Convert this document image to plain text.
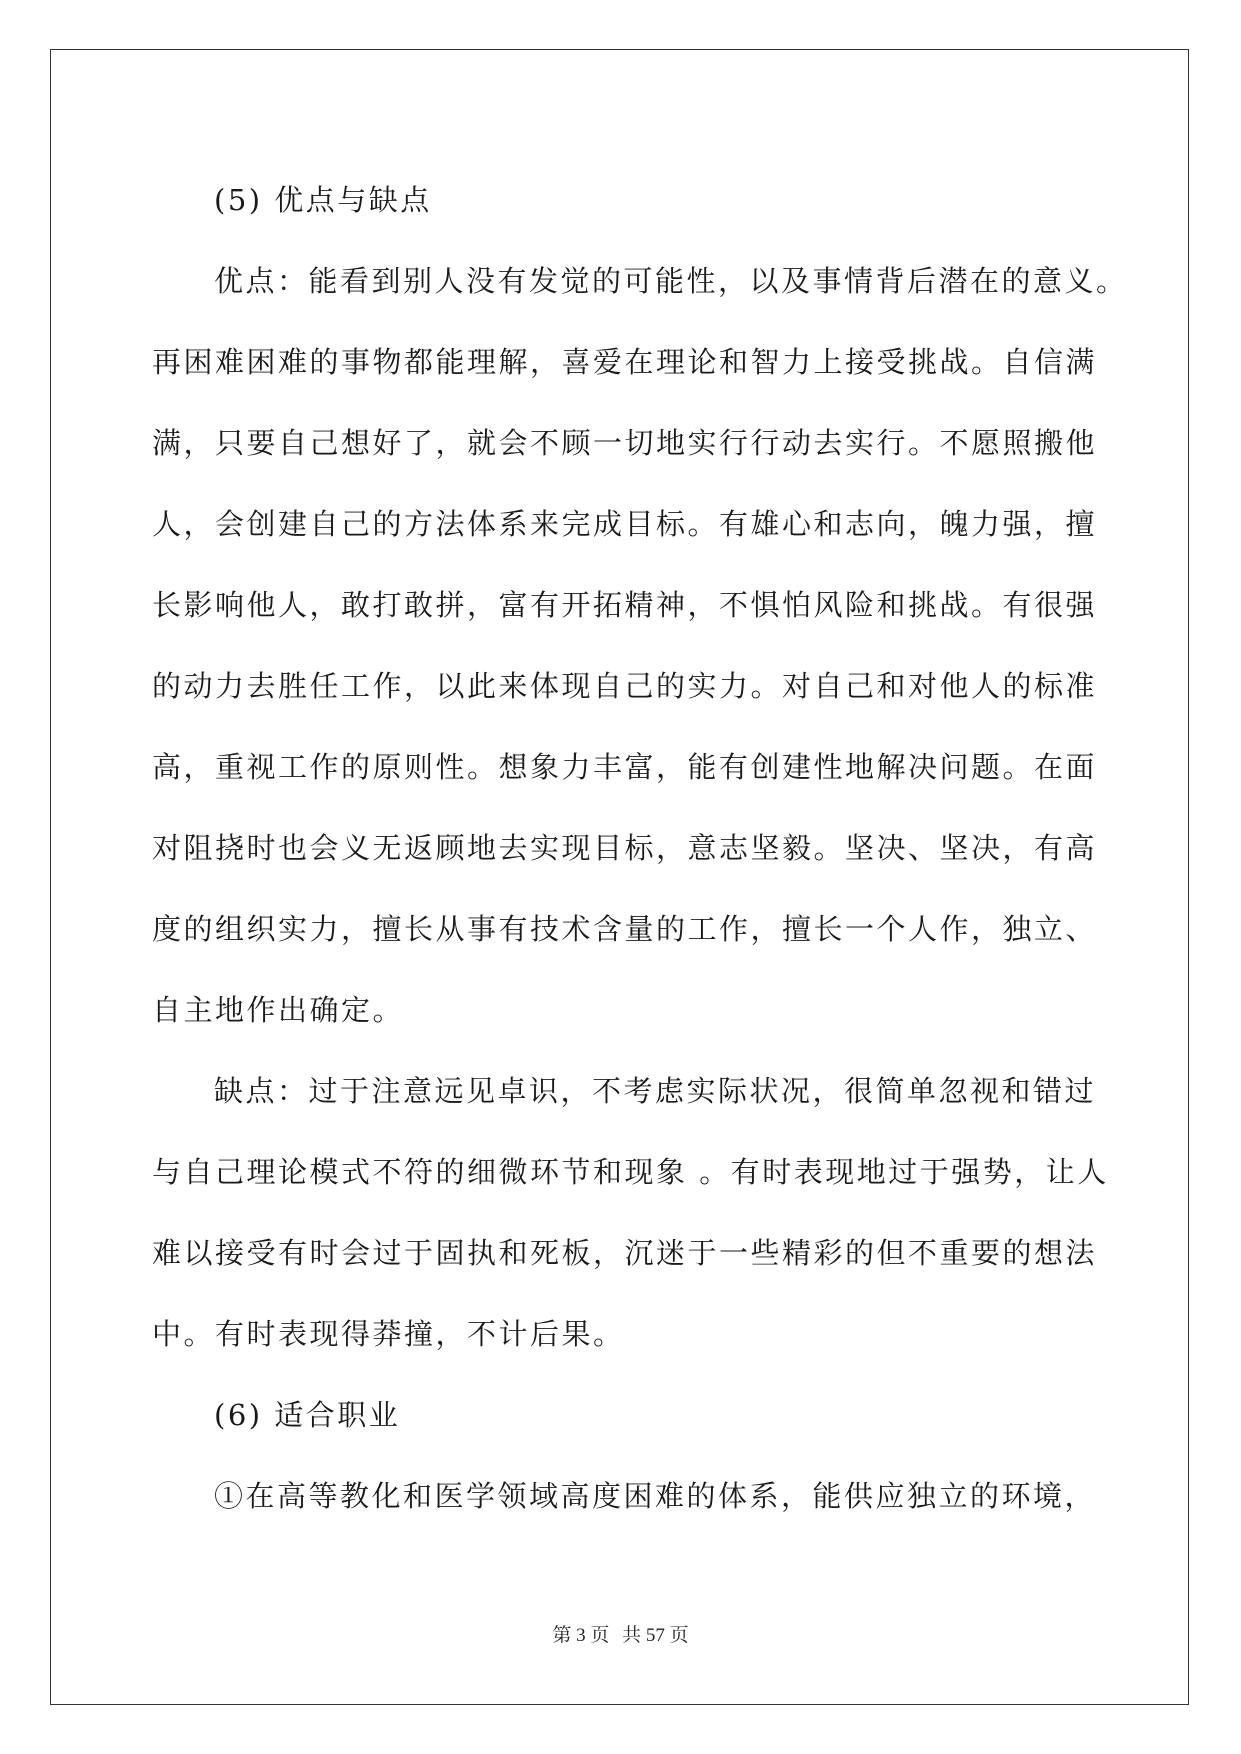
(5) 优点与缺点
优点：能看到别人没有发觉的可能性，以及事情背后潜在的意义。
再困难困难的事物都能理解，喜爱在理论和智力上接受挑战。自信满
满，只要自己想好了，就会不顾一切地实行行动去实行。不愿照搬他
人，会创建自己的方法体系来完成目标。有雄心和志向，魄力强，擅
长影响他人，敢打敢拼，富有开拓精神，不惧怕风险和挑战。有很强
的动力去胜任工作，以此来体现自己的实力。对自己和对他人的标准
高，重视工作的原则性。想象力丰富，能有创建性地解决问题。在面
对阻挠时也会义无返顾地去实现目标，意志坚毅。坚决、坚决，有高
度的组织实力，擅长从事有技术含量的工作，擅长一个人作，独立、
自主地作出确定。
缺点：过于注意远见卓识，不考虑实际状况，很简单忽视和错过
与自己理论模式不符的细微环节和现象 。有时表现地过于强势，让人
难以接受有时会过于固执和死板，沉迷于一些精彩的但不重要的想法
中。有时表现得莽撞，不计后果。
(6) 适合职业
①在高等教化和医学领域高度困难的体系，能供应独立的环境，
第 3 页 共 57 页
